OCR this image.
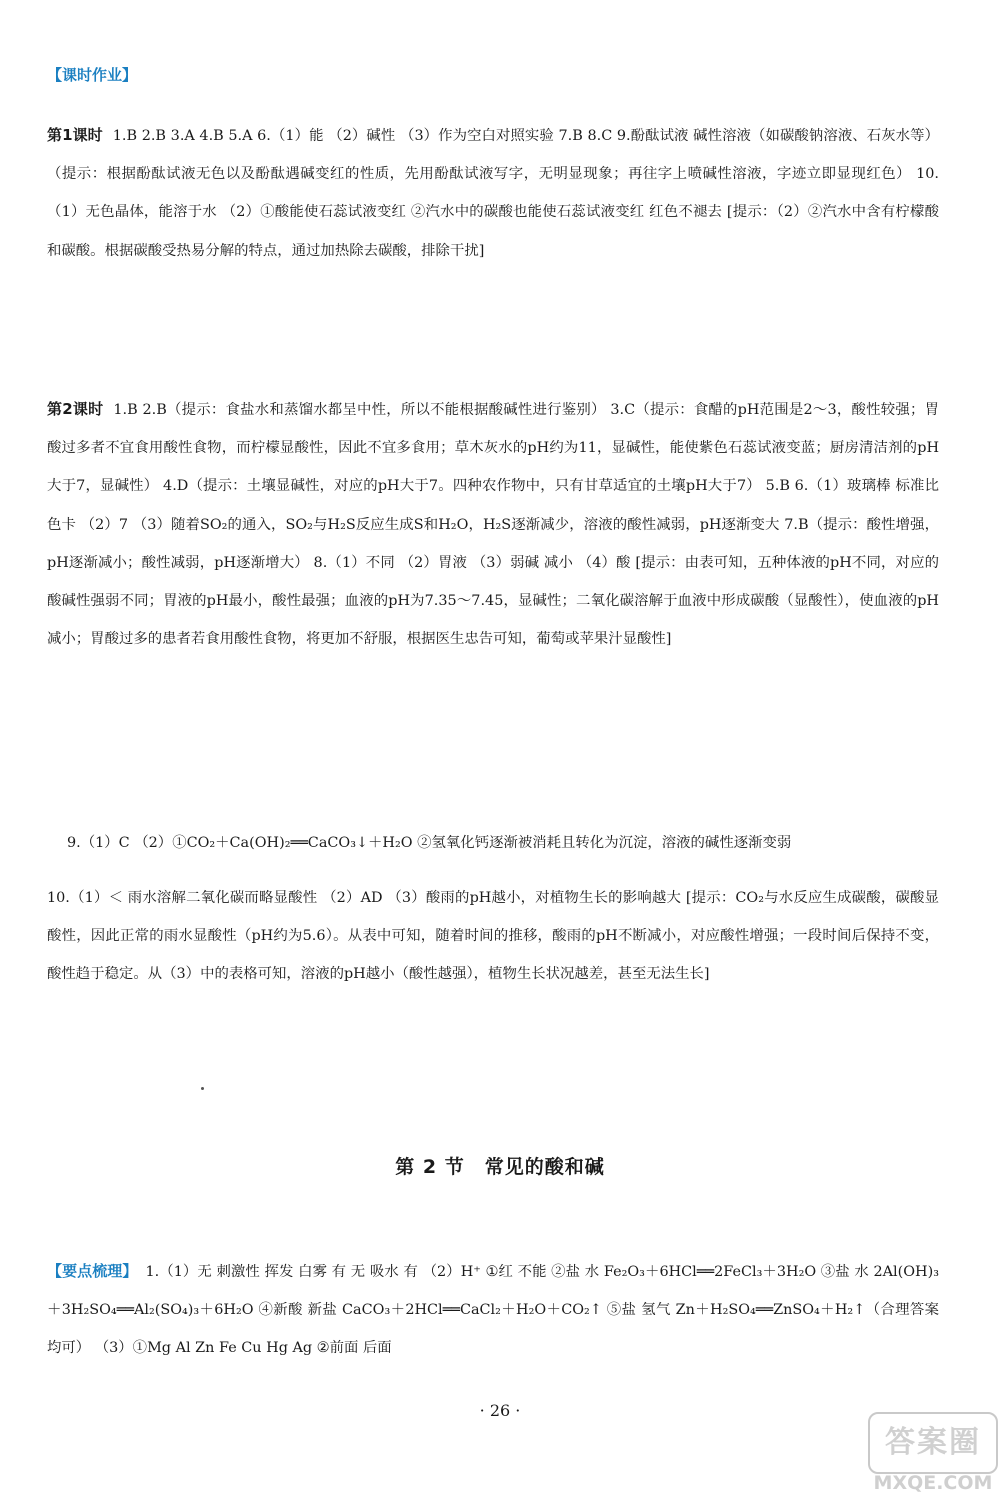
【课时作业】

第1课时 1.B 2.B 3.A 4.B 5.A 6.（1）能 （2）碱性 （3）作为空白对照实验 7.B 8.C 9.酚酞试液 碱性溶液（如碳酸钠溶液、石灰水等） （提示：根据酚酞试液无色以及酚酞遇碱变红的性质，先用酚酞试液写字，无明显现象；再往字上喷碱性溶液，字迹立即显现红色） 10.（1）无色晶体，能溶于水 （2）①酸能使石蕊试液变红 ②汽水中的碳酸也能使石蕊试液变红 红色不褪去 [提示：（2）②汽水中含有柠檬酸和碳酸。根据碳酸受热易分解的特点，通过加热除去碳酸，排除干扰]

第2课时 1.B 2.B（提示：食盐水和蒸馏水都呈中性，所以不能根据酸碱性进行鉴别） 3.C（提示：食醋的pH范围是2～3，酸性较强；胃酸过多者不宜食用酸性食物，而柠檬显酸性，因此不宜多食用；草木灰水的pH约为11，显碱性，能使紫色石蕊试液变蓝；厨房清洁剂的pH大于7，显碱性） 4.D（提示：土壤显碱性，对应的pH大于7。四种农作物中，只有甘草适宜的土壤pH大于7） 5.B 6.（1）玻璃棒 标准比色卡 （2）7 （3）随着SO₂的通入，SO₂与H₂S反应生成S和H₂O，H₂S逐渐减少，溶液的酸性减弱，pH逐渐变大 7.B（提示：酸性增强，pH逐渐减小；酸性减弱，pH逐渐增大） 8.（1）不同 （2）胃液 （3）弱碱 减小 （4）酸 [提示：由表可知，五种体液的pH不同，对应的酸碱性强弱不同；胃液的pH最小，酸性最强；血液的pH为7.35～7.45，显碱性；二氧化碳溶解于血液中形成碳酸（显酸性），使血液的pH减小；胃酸过多的患者若食用酸性食物，将更加不舒服，根据医生忠告可知，葡萄或苹果汁显酸性]

9.（1）C （2）①CO₂＋Ca(OH)₂══CaCO₃↓＋H₂O ②氢氧化钙逐渐被消耗且转化为沉淀，溶液的碱性逐渐变弱

10.（1）＜ 雨水溶解二氧化碳而略显酸性 （2）AD （3）酸雨的pH越小，对植物生长的影响越大 [提示：CO₂与水反应生成碳酸，碳酸显酸性，因此正常的雨水显酸性（pH约为5.6）。从表中可知，随着时间的推移，酸雨的pH不断减小，对应酸性增强；一段时间后保持不变，酸性趋于稳定。从（3）中的表格可知，溶液的pH越小（酸性越强），植物生长状况越差，甚至无法生长]

第 2 节　常见的酸和碱

【要点梳理】 1.（1）无 刺激性 挥发 白雾 有 无 吸水 有 （2）H⁺ ①红 不能 ②盐 水 Fe₂O₃＋6HCl══2FeCl₃＋3H₂O ③盐 水 2Al(OH)₃＋3H₂SO₄══Al₂(SO₄)₃＋6H₂O ④新酸 新盐 CaCO₃＋2HCl══CaCl₂＋H₂O＋CO₂↑ ⑤盐 氢气 Zn＋H₂SO₄══ZnSO₄＋H₂↑（合理答案均可） （3）①Mg Al Zn Fe Cu Hg Ag ②前面 后面

· 26 ·
答案圈
MXQE.COM
